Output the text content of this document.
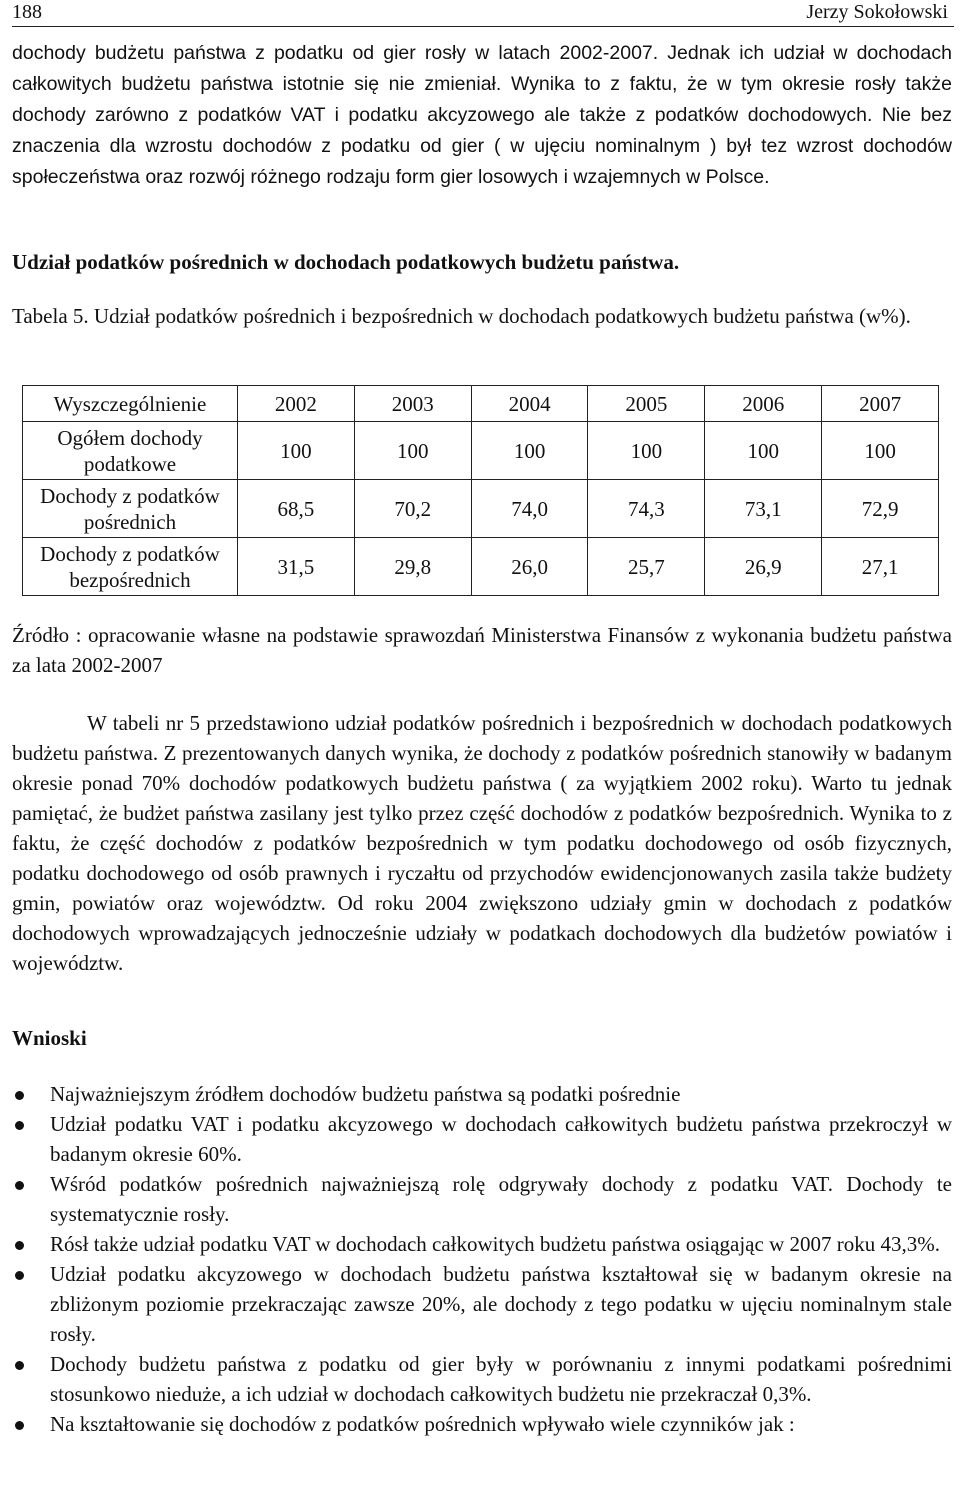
188	Jerzy Sokołowski
dochody budżetu państwa z podatku od gier rosły w latach 2002-2007. Jednak ich udział w dochodach całkowitych budżetu państwa istotnie się nie zmieniał. Wynika to z faktu, że w tym okresie rosły także dochody zarówno z podatków VAT i podatku akcyzowego ale także z podatków dochodowych. Nie bez znaczenia dla wzrostu dochodów z podatku od gier ( w ujęciu nominalnym ) był tez wzrost dochodów społeczeństwa oraz rozwój różnego rodzaju form gier losowych i wzajemnych w Polsce.
Udział podatków pośrednich w dochodach podatkowych budżetu państwa.
Tabela 5. Udział podatków pośrednich i bezpośrednich w dochodach podatkowych budżetu państwa (w%).
Wyszczególnienie	2002	2003	2004	2005	2006	2007
Ogółem dochody
podatkowe	100	100	100	100	100	100
Dochody z podatków
pośrednich	68,5	70,2	74,0	74,3	73,1	72,9
Dochody z podatków
bezpośrednich	31,5	29,8	26,0	25,7	26,9	27,1
Źródło : opracowanie własne na podstawie sprawozdań Ministerstwa Finansów z wykonania budżetu państwa za lata 2002-2007
W tabeli nr 5 przedstawiono udział podatków pośrednich i bezpośrednich w dochodach podatkowych budżetu państwa. Z prezentowanych danych wynika, że dochody z podatków pośrednich stanowiły w badanym okresie ponad 70% dochodów podatkowych budżetu państwa ( za wyjątkiem 2002 roku). Warto tu jednak pamiętać, że budżet państwa zasilany jest tylko przez część dochodów z podatków bezpośrednich. Wynika to z faktu, że część dochodów z podatków bezpośrednich w tym podatku dochodowego od osób fizycznych, podatku dochodowego od osób prawnych i ryczałtu od przychodów ewidencjonowanych zasila także budżety gmin, powiatów oraz województw. Od roku 2004 zwiększono udziały gmin w dochodach z podatków dochodowych wprowadzających jednocześnie udziały w podatkach dochodowych dla budżetów powiatów i województw.
Wnioski
Najważniejszym źródłem dochodów budżetu państwa są podatki pośrednie
Udział podatku VAT i podatku akcyzowego w dochodach całkowitych budżetu państwa przekroczył w badanym okresie 60%.
Wśród podatków pośrednich najważniejszą rolę odgrywały dochody z podatku VAT. Dochody te systematycznie rosły.
Rósł także udział podatku VAT w dochodach całkowitych budżetu państwa osiągając w 2007 roku 43,3%.
Udział podatku akcyzowego w dochodach budżetu państwa kształtował się w badanym okresie na zbliżonym poziomie przekraczając zawsze 20%, ale dochody z tego podatku w ujęciu nominalnym stale rosły.
Dochody budżetu państwa z podatku od gier były w porównaniu z innymi podatkami pośrednimi stosunkowo nieduże, a ich udział w dochodach całkowitych budżetu nie przekraczał 0,3%.
Na kształtowanie się dochodów z podatków pośrednich wpływało wiele czynników jak :
